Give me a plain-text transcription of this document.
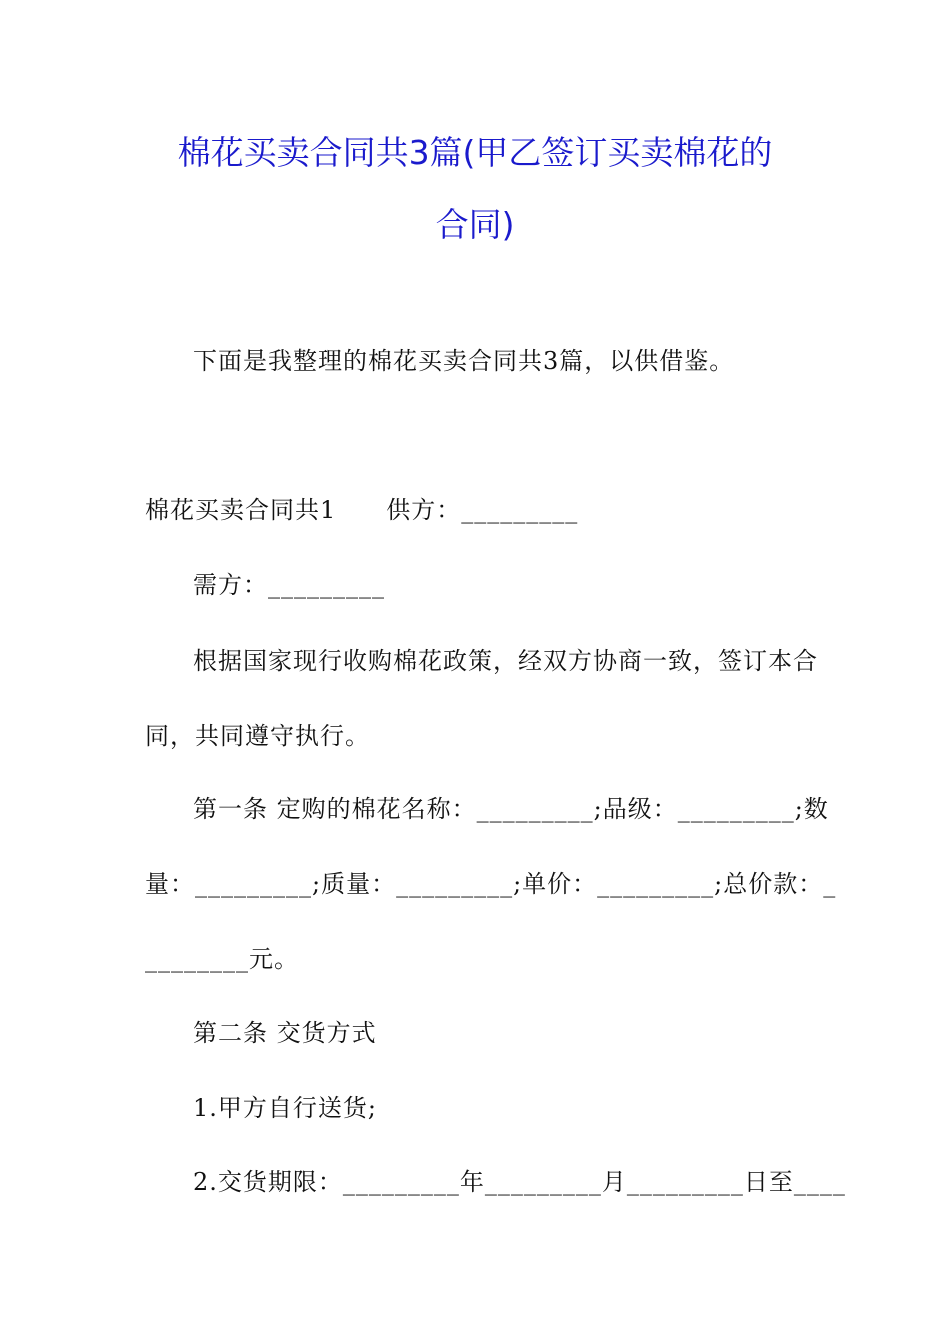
棉花买卖合同共3篇(甲乙签订买卖棉花的
合同)
下面是我整理的棉花买卖合同共3篇，以供借鉴。
棉花买卖合同共1 供方：_________
需方：_________
根据国家现行收购棉花政策，经双方协商一致，签订本合
同，共同遵守执行。
第一条 定购的棉花名称：_________;品级：_________;数
量：_________;质量：_________;单价：_________;总价款：_
________元。
第二条 交货方式
1.甲方自行送货;
2.交货期限：_________年_________月_________日至____
